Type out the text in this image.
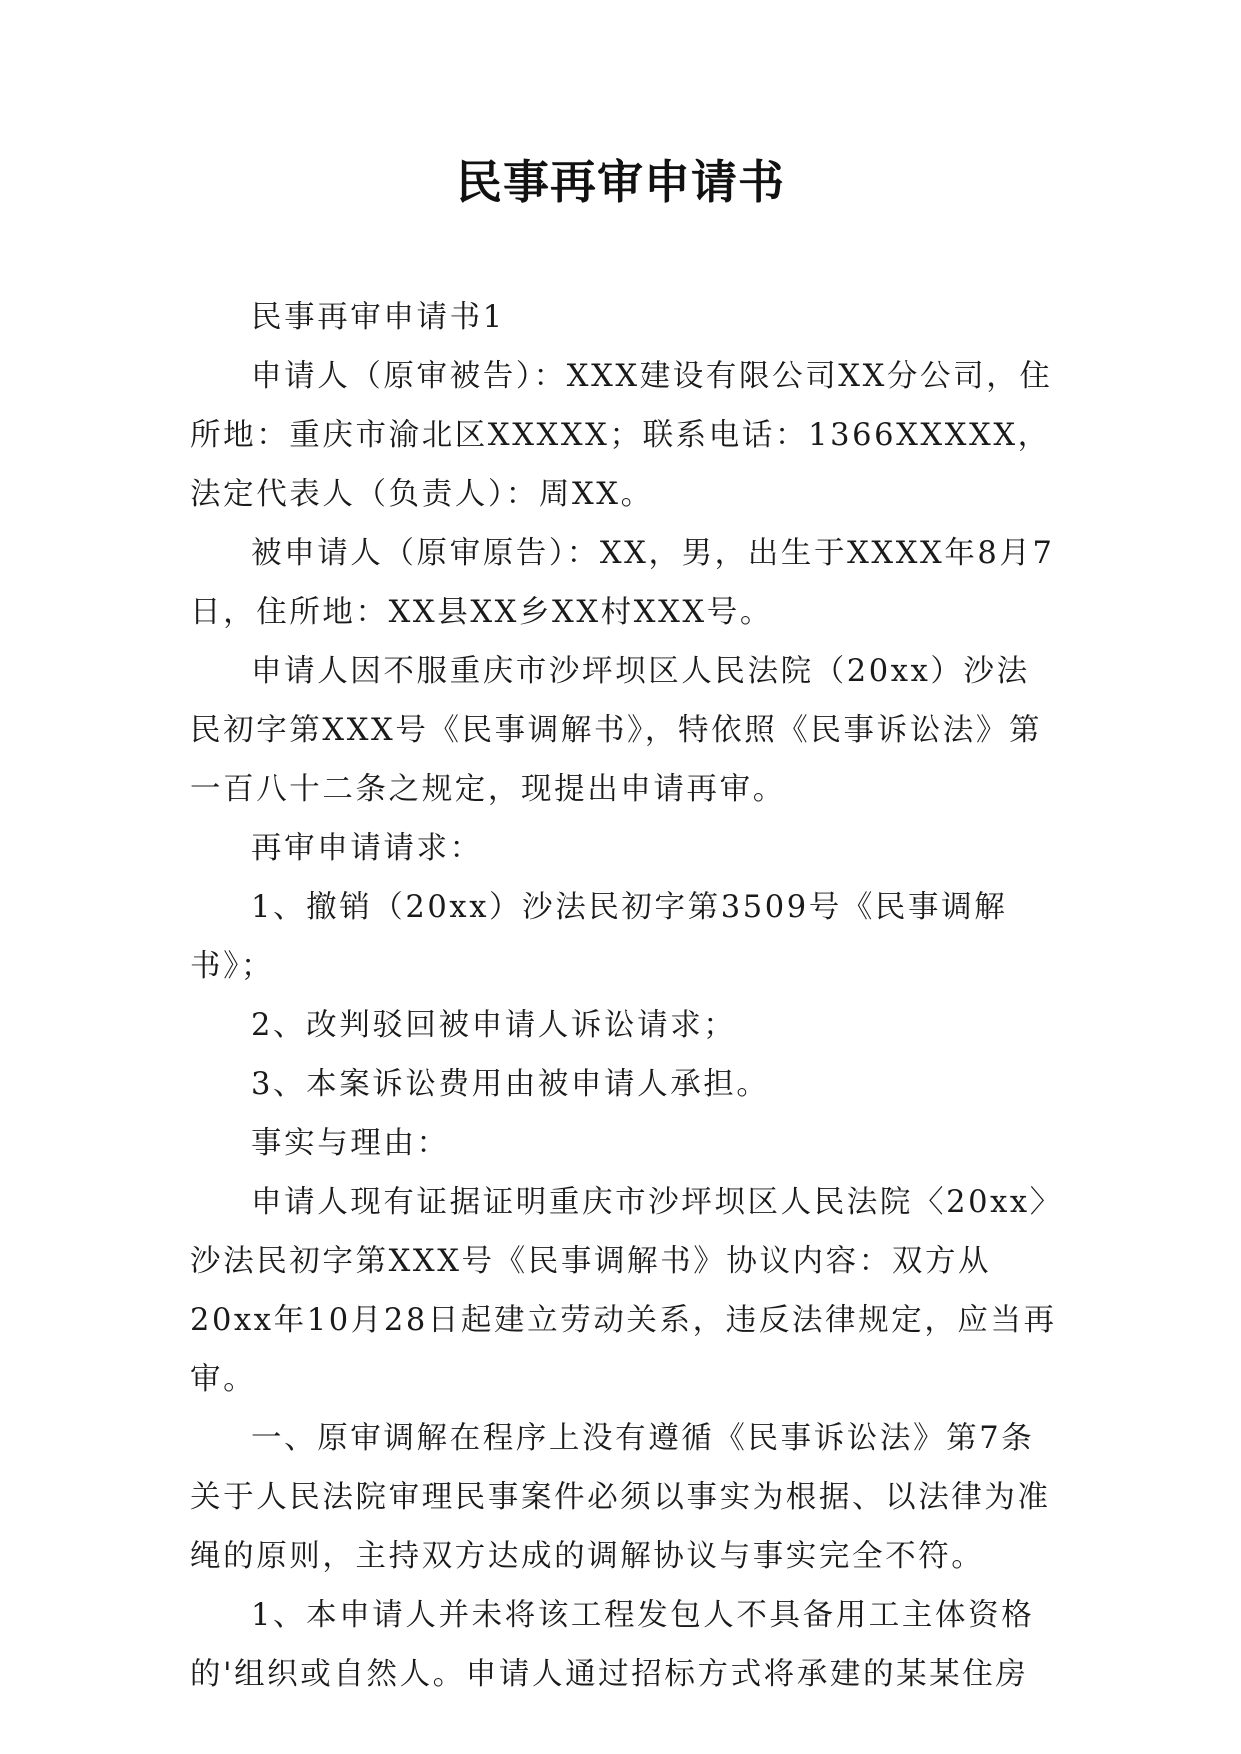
民事再审申请书

民事再审申请书1

申请人（原审被告）：XXX建设有限公司XX分公司，住所地：重庆市渝北区XXXXX；联系电话：1366XXXXX，法定代表人（负责人）：周XX。

被申请人（原审原告）：XX，男，出生于XXXX年8月7日，住所地：XX县XX乡XX村XXX号。

申请人因不服重庆市沙坪坝区人民法院（20xx）沙法民初字第XXX号《民事调解书》，特依照《民事诉讼法》第一百八十二条之规定，现提出申请再审。

再审申请请求：

1、撤销（20xx）沙法民初字第3509号《民事调解书》；

2、改判驳回被申请人诉讼请求；

3、本案诉讼费用由被申请人承担。

事实与理由：

申请人现有证据证明重庆市沙坪坝区人民法院〈20xx〉沙法民初字第XXX号《民事调解书》协议内容：双方从20xx年10月28日起建立劳动关系，违反法律规定，应当再审。

一、原审调解在程序上没有遵循《民事诉讼法》第7条关于人民法院审理民事案件必须以事实为根据、以法律为准绳的原则，主持双方达成的调解协议与事实完全不符。

1、本申请人并未将该工程发包人不具备用工主体资格的'组织或自然人。申请人通过招标方式将承建的某某住房
